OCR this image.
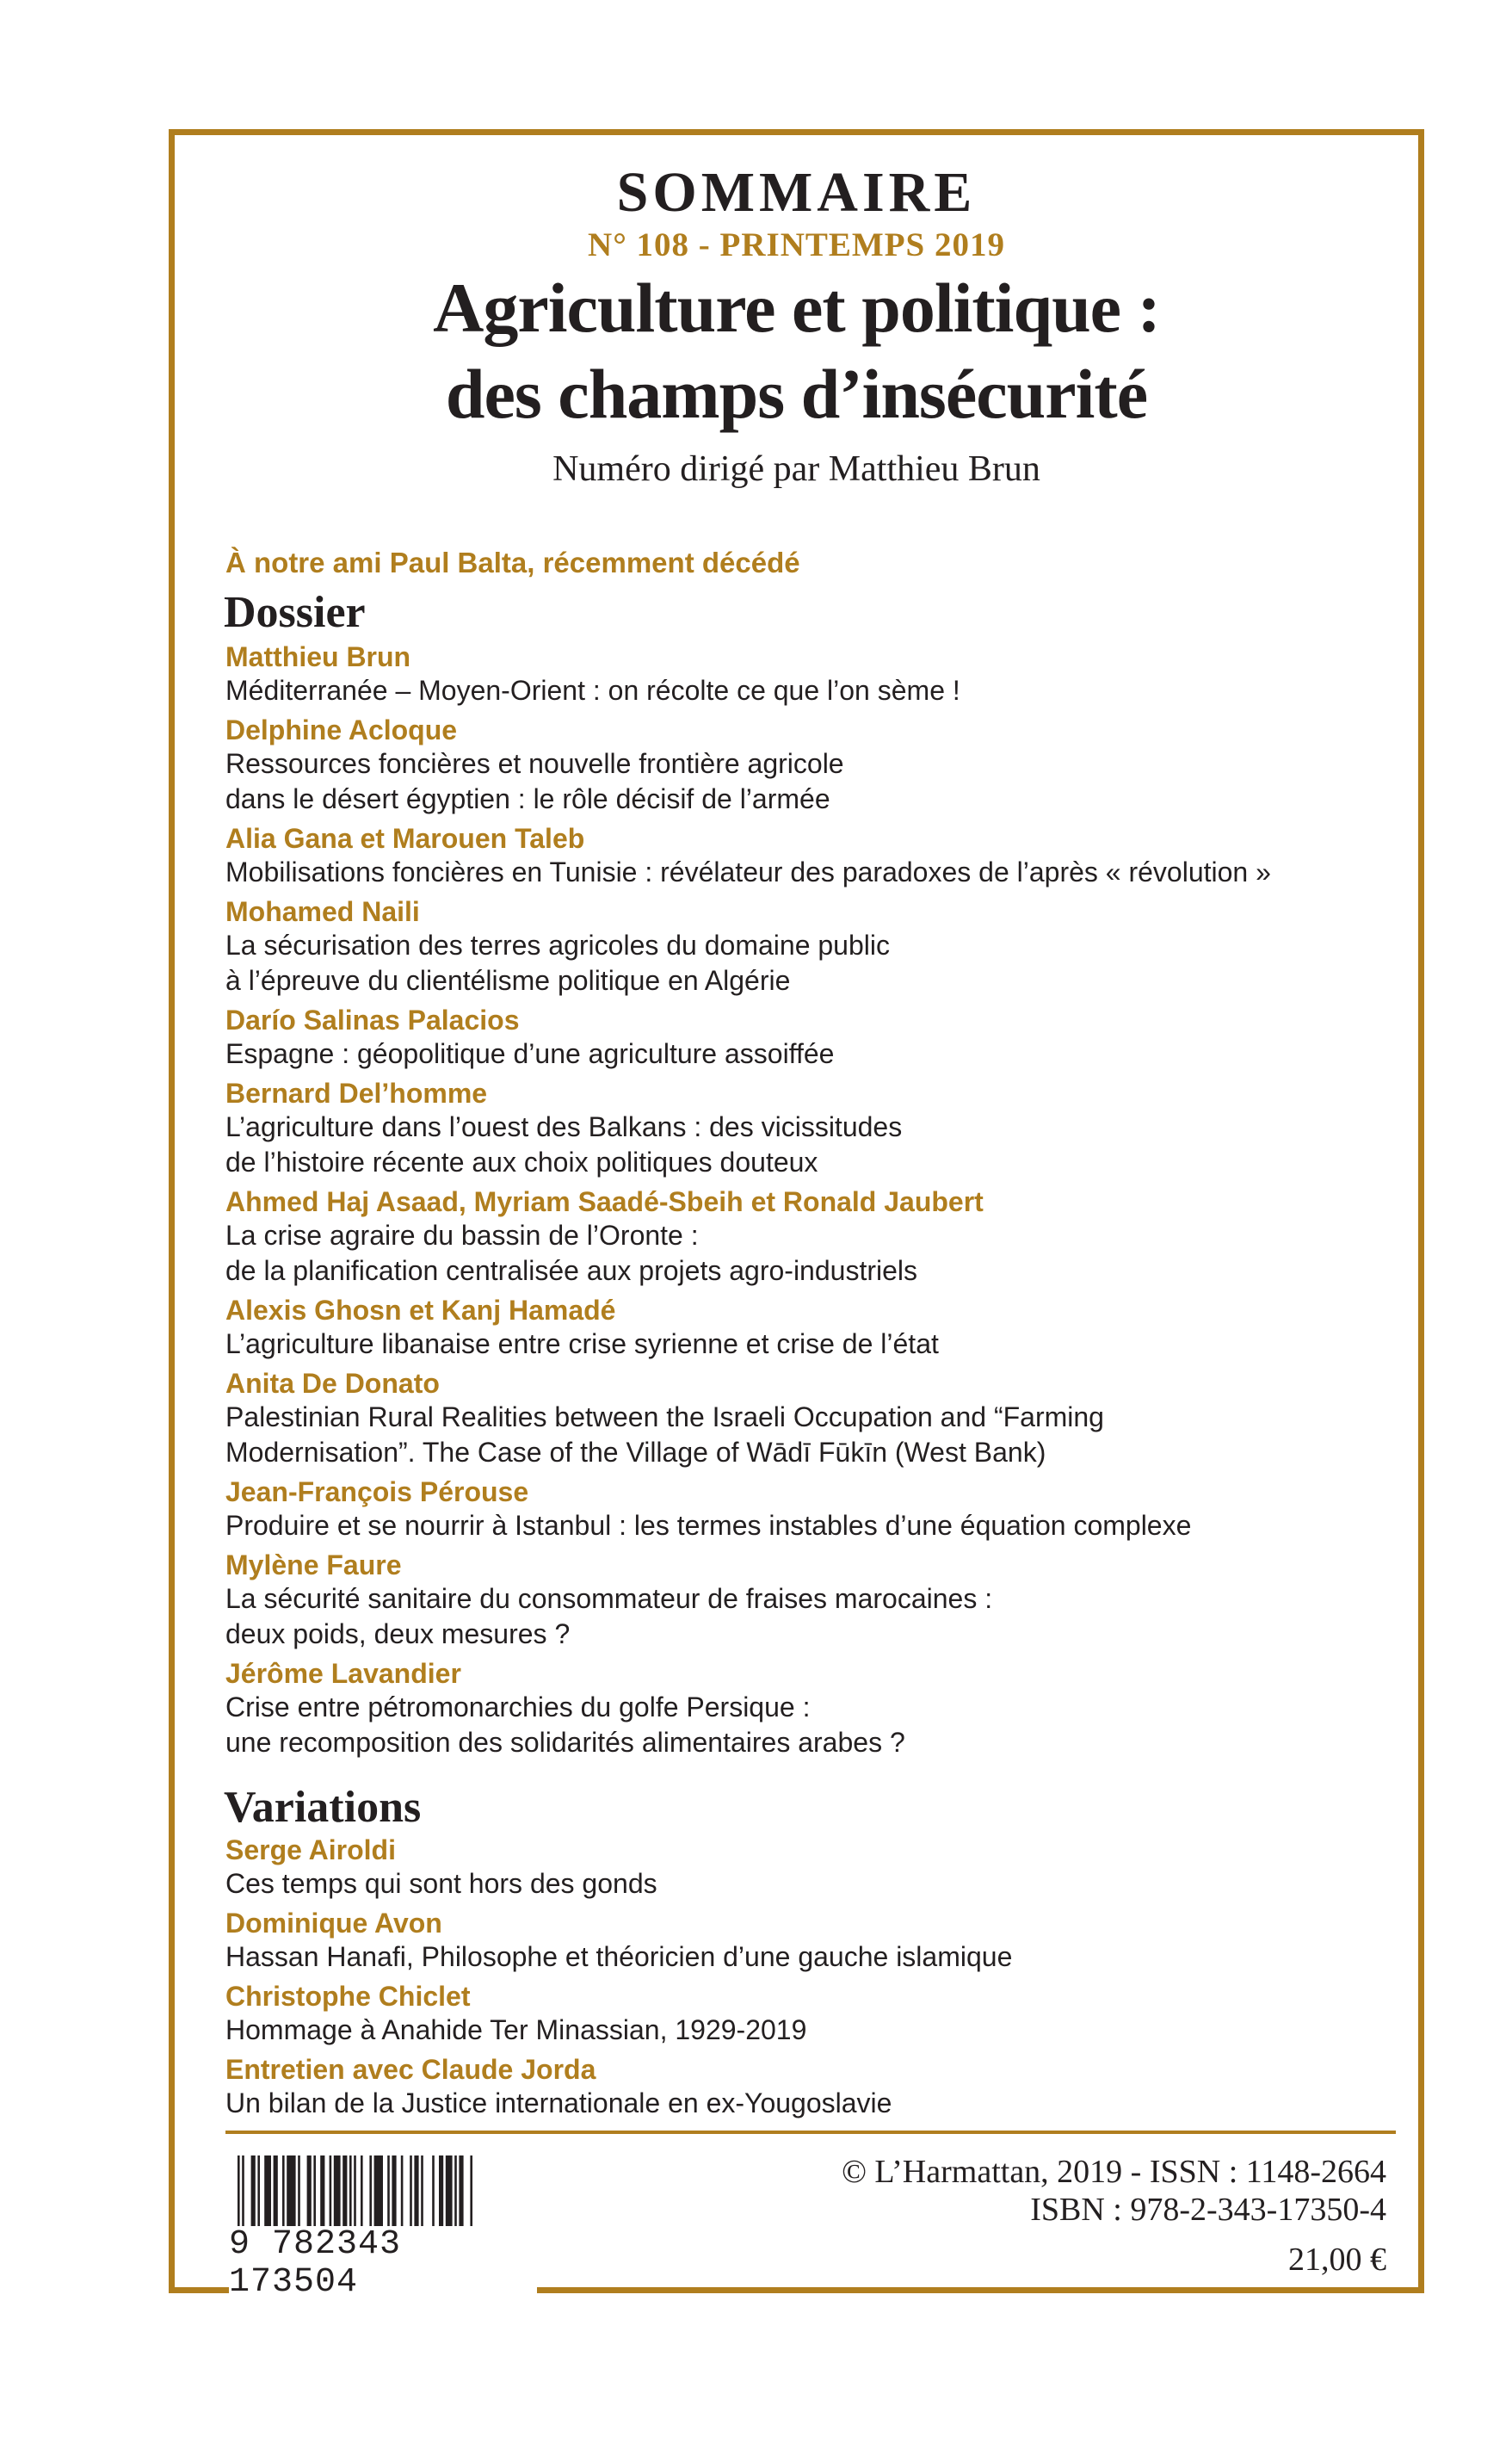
SOMMAIRE
N° 108 - PRINTEMPS 2019
Agriculture et politique :
des champs d’insécurité
Numéro dirigé par Matthieu Brun
À notre ami Paul Balta, récemment décédé
Dossier
Matthieu Brun
Méditerranée – Moyen-Orient : on récolte ce que l’on sème !
Delphine Acloque
Ressources foncières et nouvelle frontière agricole
dans le désert égyptien : le rôle décisif de l’armée
Alia Gana et Marouen Taleb
Mobilisations foncières en Tunisie : révélateur des paradoxes de l’après « révolution »
Mohamed Naili
La sécurisation des terres agricoles du domaine public
à l’épreuve du clientélisme politique en Algérie
Darío Salinas Palacios
Espagne : géopolitique d’une agriculture assoiffée
Bernard Del’homme
L’agriculture dans l’ouest des Balkans : des vicissitudes
de l’histoire récente aux choix politiques douteux
Ahmed Haj Asaad, Myriam Saadé-Sbeih et Ronald Jaubert
La crise agraire du bassin de l’Oronte :
de la planification centralisée aux projets agro-industriels
Alexis Ghosn et Kanj Hamadé
L’agriculture libanaise entre crise syrienne et crise de l’état
Anita De Donato
Palestinian Rural Realities between the Israeli Occupation and “Farming
Modernisation”. The Case of the Village of Wādī Fūkīn (West Bank)
Jean-François Pérouse
Produire et se nourrir à Istanbul : les termes instables d’une équation complexe
Mylène Faure
La sécurité sanitaire du consommateur de fraises marocaines :
deux poids, deux mesures ?
Jérôme Lavandier
Crise entre pétromonarchies du golfe Persique :
une recomposition des solidarités alimentaires arabes ?
Variations
Serge Airoldi
Ces temps qui sont hors des gonds
Dominique Avon
Hassan Hanafi, Philosophe et théoricien d’une gauche islamique
Christophe Chiclet
Hommage à Anahide Ter Minassian, 1929-2019
Entretien avec Claude Jorda
Un bilan de la Justice internationale en ex-Yougoslavie
9 782343 173504
© L’Harmattan, 2019 - ISSN : 1148-2664
ISBN : 978-2-343-17350-4
21,00 €
